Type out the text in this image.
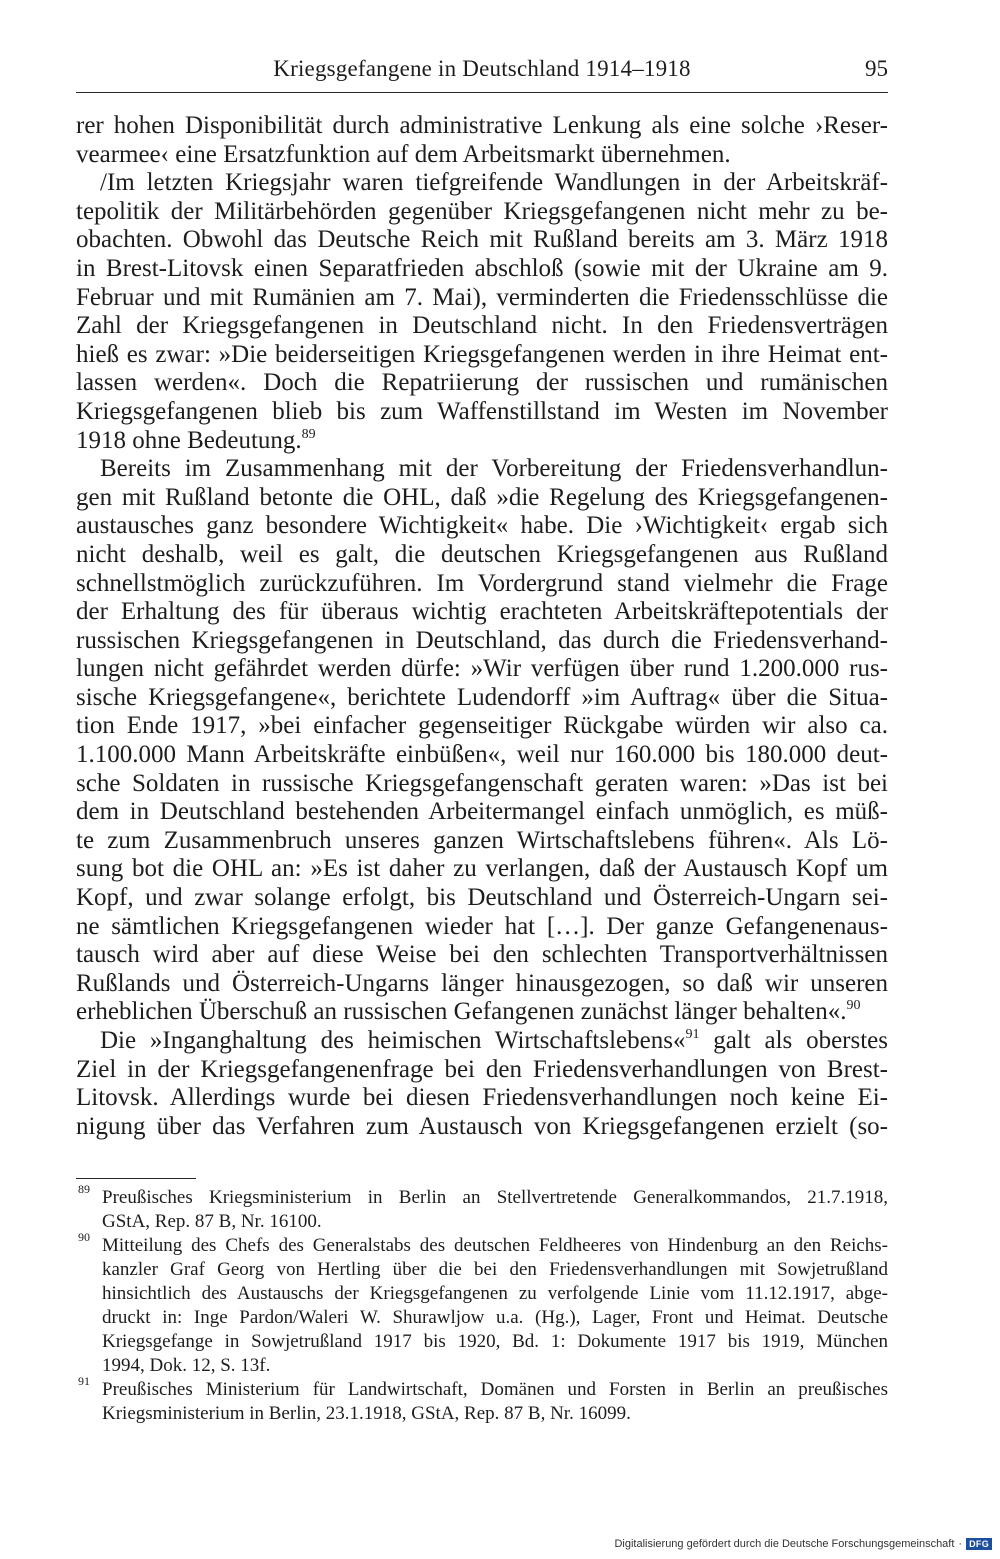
Kriegsgefangene in Deutschland 1914–1918	95
rer hohen Disponibilität durch administrative Lenkung als eine solche ›Reser-
vearmee‹ eine Ersatzfunktion auf dem Arbeitsmarkt übernehmen.
/Im letzten Kriegsjahr waren tiefgreifende Wandlungen in der Arbeitskräf-
tepolitik der Militärbehörden gegenüber Kriegsgefangenen nicht mehr zu be-
obachten. Obwohl das Deutsche Reich mit Rußland bereits am 3. März 1918
in Brest-Litovsk einen Separatfrieden abschloß (sowie mit der Ukraine am 9.
Februar und mit Rumänien am 7. Mai), verminderten die Friedensschlüsse die
Zahl der Kriegsgefangenen in Deutschland nicht. In den Friedensverträgen
hieß es zwar: »Die beiderseitigen Kriegsgefangenen werden in ihre Heimat ent-
lassen werden«. Doch die Repatriierung der russischen und rumänischen
Kriegsgefangenen blieb bis zum Waffenstillstand im Westen im November
1918 ohne Bedeutung.$^{89}$
Bereits im Zusammenhang mit der Vorbereitung der Friedensverhandlun-
gen mit Rußland betonte die OHL, daß »die Regelung des Kriegsgefangenen-
austausches ganz besondere Wichtigkeit« habe. Die ›Wichtigkeit‹ ergab sich
nicht deshalb, weil es galt, die deutschen Kriegsgefangenen aus Rußland
schnellstmöglich zurückzuführen. Im Vordergrund stand vielmehr die Frage
der Erhaltung des für überaus wichtig erachteten Arbeitskräftepotentials der
russischen Kriegsgefangenen in Deutschland, das durch die Friedensverhand-
lungen nicht gefährdet werden dürfe: »Wir verfügen über rund 1.200.000 rus-
sische Kriegsgefangene«, berichtete Ludendorff »im Auftrag« über die Situa-
tion Ende 1917, »bei einfacher gegenseitiger Rückgabe würden wir also ca.
1.100.000 Mann Arbeitskräfte einbüßen«, weil nur 160.000 bis 180.000 deut-
sche Soldaten in russische Kriegsgefangenschaft geraten waren: »Das ist bei
dem in Deutschland bestehenden Arbeitermangel einfach unmöglich, es müß-
te zum Zusammenbruch unseres ganzen Wirtschaftslebens führen«. Als Lö-
sung bot die OHL an: »Es ist daher zu verlangen, daß der Austausch Kopf um
Kopf, und zwar solange erfolgt, bis Deutschland und Österreich-Ungarn sei-
ne sämtlichen Kriegsgefangenen wieder hat […]. Der ganze Gefangenenaus-
tausch wird aber auf diese Weise bei den schlechten Transportverhältnissen
Rußlands und Österreich-Ungarns länger hinausgezogen, so daß wir unseren
erheblichen Überschuß an russischen Gefangenen zunächst länger behalten«.$^{90}$
Die »Inganghaltung des heimischen Wirtschaftslebens«$^{91}$ galt als oberstes
Ziel in der Kriegsgefangenenfrage bei den Friedensverhandlungen von Brest-
Litovsk. Allerdings wurde bei diesen Friedensverhandlungen noch keine Ei-
nigung über das Verfahren zum Austausch von Kriegsgefangenen erzielt (so-
89 Preußisches Kriegsministerium in Berlin an Stellvertretende Generalkommandos, 21.7.1918,
GStA, Rep. 87 B, Nr. 16100.
90 Mitteilung des Chefs des Generalstabs des deutschen Feldheeres von Hindenburg an den Reichs-
kanzler Graf Georg von Hertling über die bei den Friedensverhandlungen mit Sowjetrußland
hinsichtlich des Austauschs der Kriegsgefangenen zu verfolgende Linie vom 11.12.1917, abge-
druckt in: Inge Pardon/Waleri W. Shurawljow u.a. (Hg.), Lager, Front und Heimat. Deutsche
Kriegsgefange in Sowjetrußland 1917 bis 1920, Bd. 1: Dokumente 1917 bis 1919, München
1994, Dok. 12, S. 13f.
91 Preußisches Ministerium für Landwirtschaft, Domänen und Forsten in Berlin an preußisches
Kriegsministerium in Berlin, 23.1.1918, GStA, Rep. 87 B, Nr. 16099.
Digitalisierung gefördert durch die Deutsche Forschungsgemeinschaft · DFG
